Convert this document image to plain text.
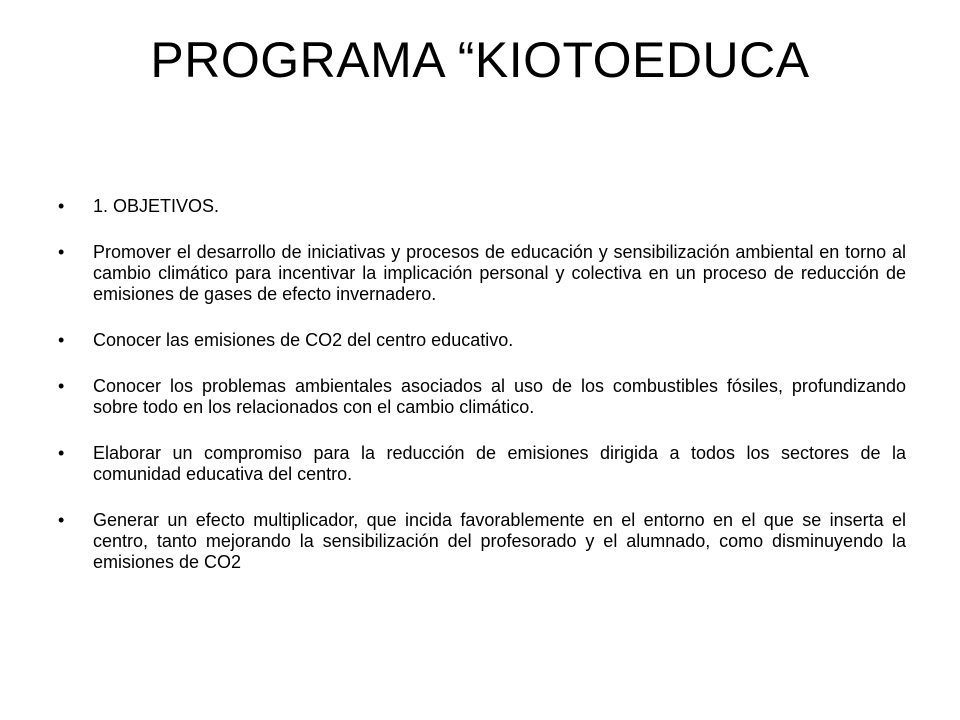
PROGRAMA “KIOTOEDUCA
•	1. OBJETIVOS.
•	Promover el desarrollo de iniciativas y procesos de educación y sensibilización ambiental en torno al cambio climático para incentivar la implicación personal y colectiva en un proceso de reducción de emisiones de gases de efecto invernadero.
•	Conocer las emisiones de CO2 del centro educativo.
•	Conocer los problemas ambientales asociados al uso de los combustibles fósiles, profundizando sobre todo en los relacionados con el cambio climático.
•	Elaborar un compromiso para la reducción de emisiones dirigida a todos los sectores de la comunidad educativa del centro.
•	Generar un efecto multiplicador, que incida favorablemente en el entorno en el que se inserta el centro, tanto mejorando la sensibilización del profesorado y el alumnado, como disminuyendo la emisiones de CO2
